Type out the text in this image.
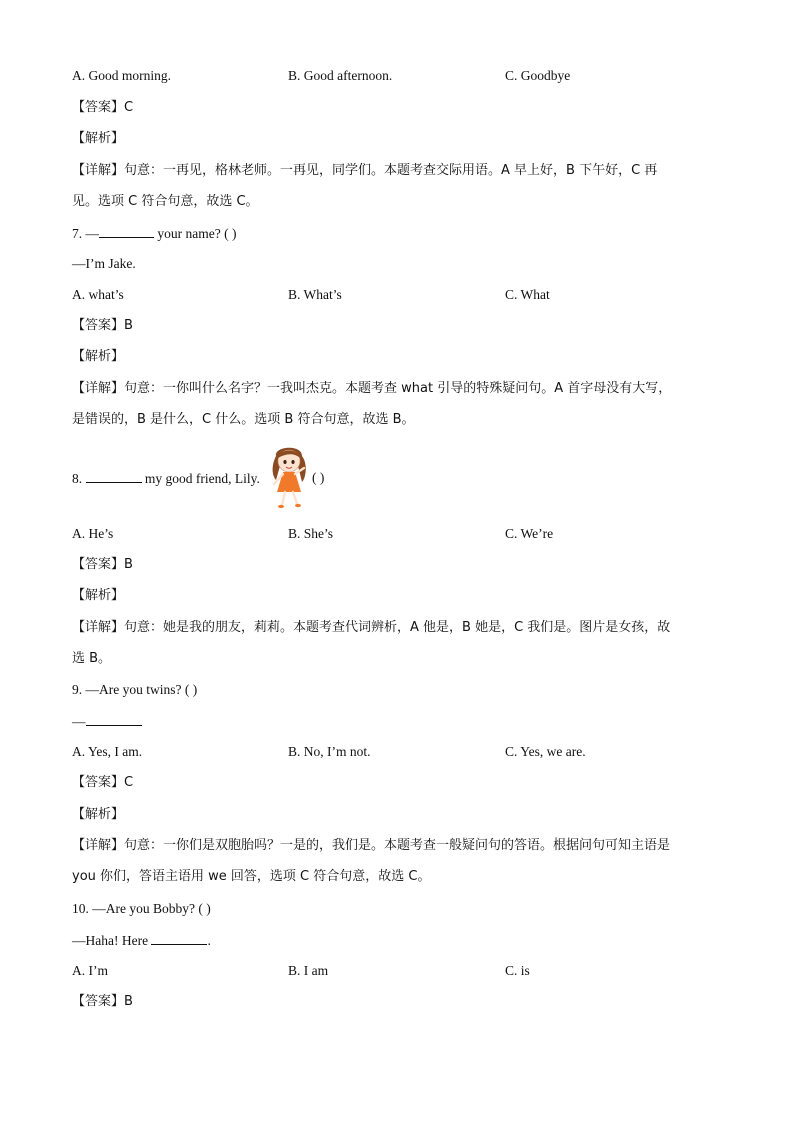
A. Good morning.	B. Good afternoon.	C. Goodbye
【答案】C
【解析】
【详解】句意：一再见，格林老师。一再见，同学们。本题考查交际用语。A 早上好，B 下午好，C 再
见。选项 C 符合句意，故选 C。
7. —	your name? ( )
—I’m Jake.
A. what’s	B. What’s	C. What
【答案】B
【解析】
【详解】句意：一你叫什么名字？一我叫杰克。本题考查 what 引导的特殊疑问句。A 首字母没有大写，
是错误的，B 是什么，C 什么。选项 B 符合句意，故选 B。
8.	my good friend, Lily.	( )
A. He’s	B. She’s	C. We’re
【答案】B
【解析】
【详解】句意：她是我的朋友，莉莉。本题考查代词辨析，A 他是，B 她是，C 我们是。图片是女孩，故
选 B。
9. —Are you twins? ( )
—
A. Yes, I am.	B. No, I’m not.	C. Yes, we are.
【答案】C
【解析】
【详解】句意：一你们是双胞胎吗？一是的，我们是。本题考查一般疑问句的答语。根据问句可知主语是
you 你们，答语主语用 we 回答，选项 C 符合句意，故选 C。
10. —Are you Bobby? ( )
—Haha! Here	.
A. I’m	B. I am	C. is
【答案】B
